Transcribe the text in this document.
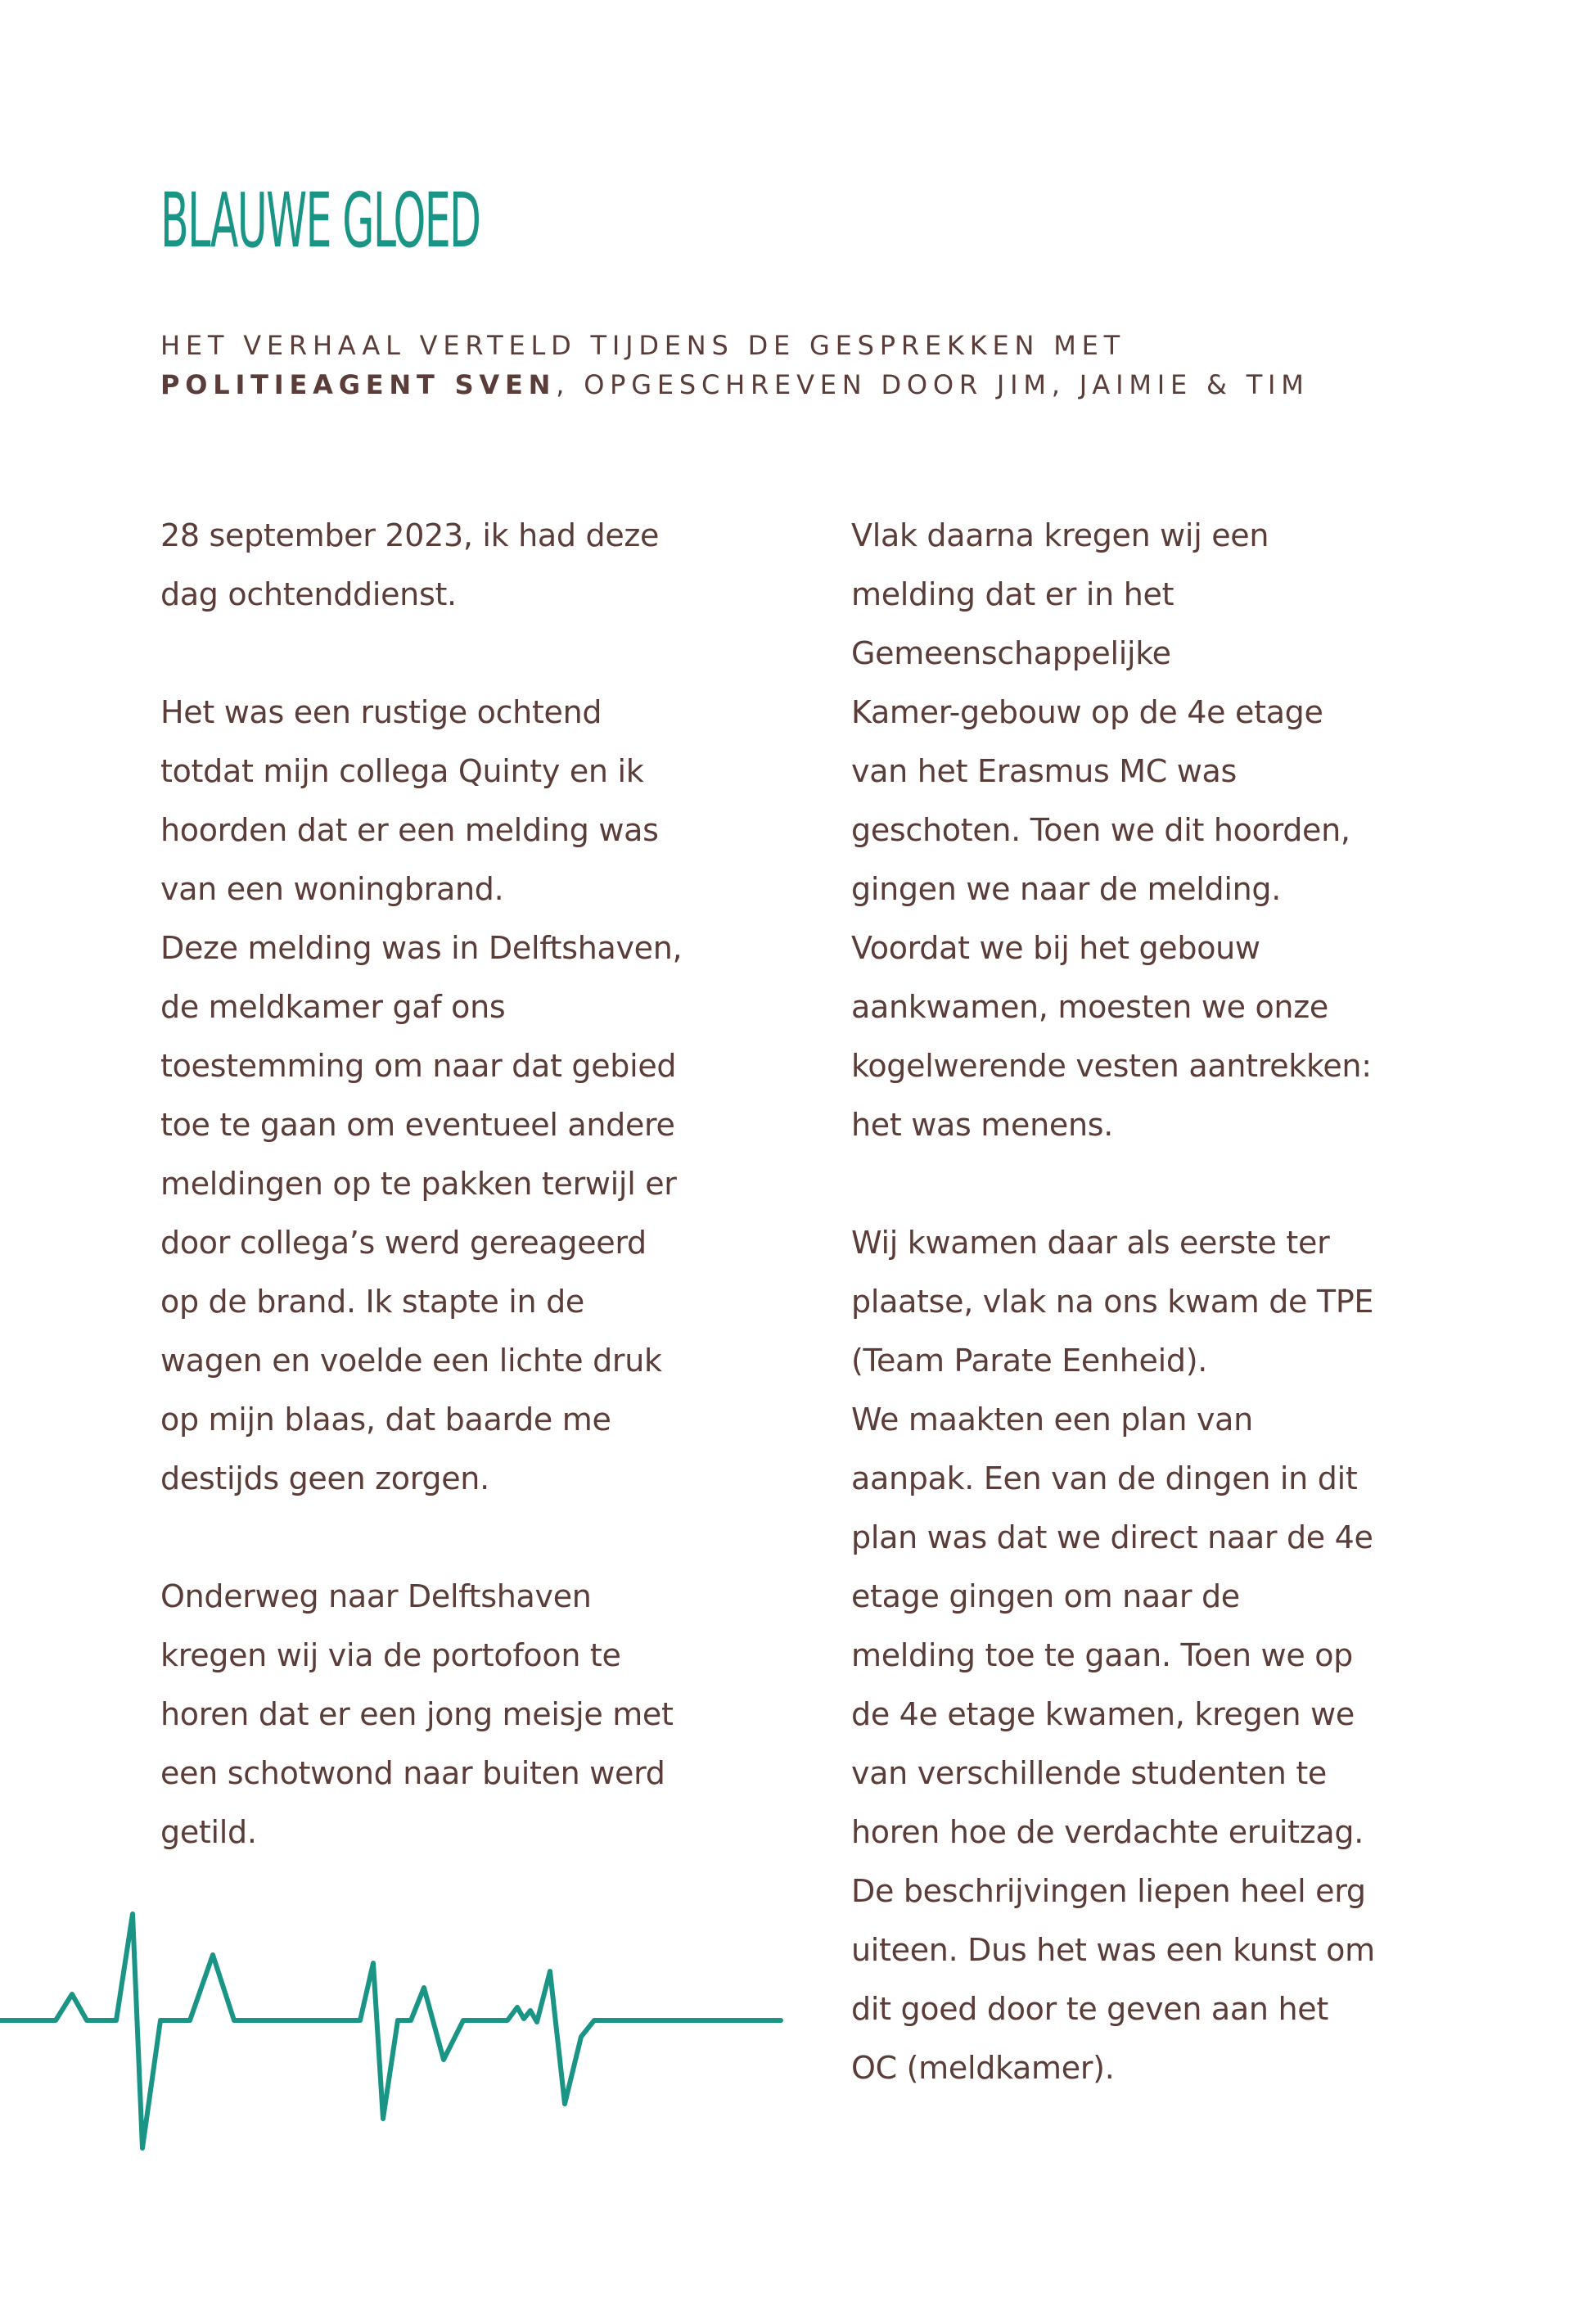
BLAUWE GLOED
HET VERHAAL VERTELD TIJDENS DE GESPREKKEN MET
POLITIEAGENT SVEN, OPGESCHREVEN DOOR JIM, JAIMIE & TIM

28 september 2023, ik had deze
dag ochtenddienst.

Het was een rustige ochtend
totdat mijn collega Quinty en ik
hoorden dat er een melding was
van een woningbrand.

Deze melding was in Delftshaven,
de meldkamer gaf ons
toestemming om naar dat gebied
toe te gaan om eventueel andere
meldingen op te pakken terwijl er
door collega’s werd gereageerd
op de brand. Ik stapte in de
wagen en voelde een lichte druk
op mijn blaas, dat baarde me
destijds geen zorgen.

Onderweg naar Delftshaven
kregen wij via de portofoon te
horen dat er een jong meisje met
een schotwond naar buiten werd
getild.

Vlak daarna kregen wij een
melding dat er in het
Gemeenschappelijke
Kamer-gebouw op de 4e etage
van het Erasmus MC was
geschoten. Toen we dit hoorden,
gingen we naar de melding.
Voordat we bij het gebouw
aankwamen, moesten we onze
kogelwerende vesten aantrekken:
het was menens.

Wij kwamen daar als eerste ter
plaatse, vlak na ons kwam de TPE
(Team Parate Eenheid).

We maakten een plan van
aanpak. Een van de dingen in dit
plan was dat we direct naar de 4e
etage gingen om naar de
melding toe te gaan. Toen we op
de 4e etage kwamen, kregen we
van verschillende studenten te
horen hoe de verdachte eruitzag.
De beschrijvingen liepen heel erg
uiteen. Dus het was een kunst om
dit goed door te geven aan het
OC (meldkamer).
